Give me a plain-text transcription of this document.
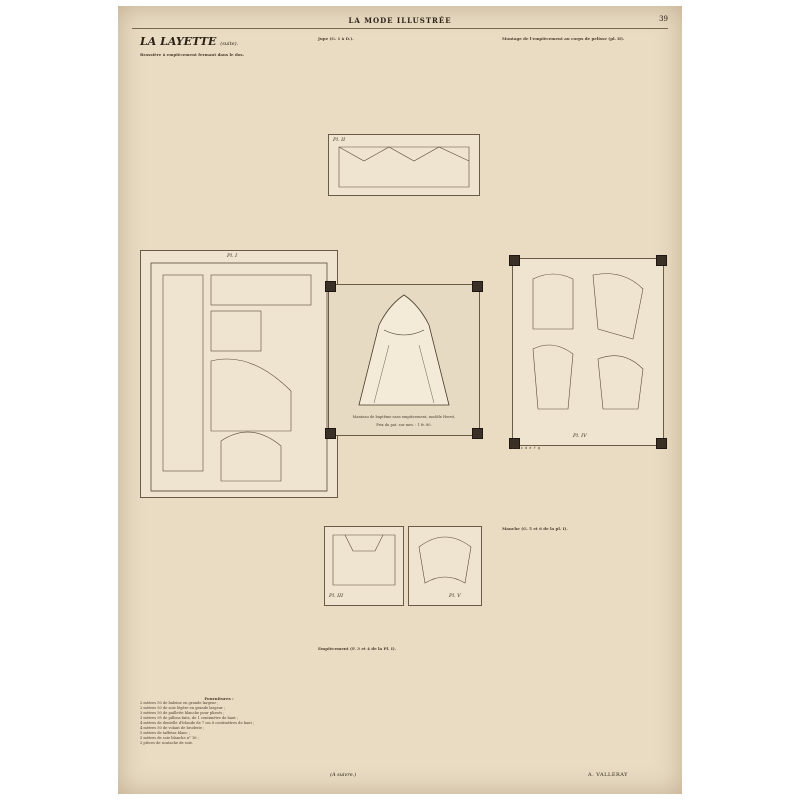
LA MODE ILLUSTRÉE	39
LA LAYETTE (suite).
Brassière à empiècement fermant dans le dos.
Pl. I
Jupe (G. 1 à D.).
Pl. II
Manteau de baptême sans empiècement, modèle Hervé,
Prix du pat. sur mes. : 1 fr. 80.
Pl. III	Pl. V
Montage de l'empiècement au corps de pelisse (pl. II).
Pl. IV
a b c d e f g
Fournitures :
2 mètres 50 de baleine en grande largeur ;
2 mètres 50 de soie légère en grande largeur ;
3 mètres 50 de paillette blanche pour plissés ;
3 mètres 95 de pillons faits, de 1 centimètre de haut ;
4 mètres de dentelle d'Irlande de 7 cm 8 centimètres de haut ;
4 mètres 50 de volant de broderie ;
5 mètres de taffetas blanc ;
5 mètres de soie blanche n° 16 ;
2 pièces de soutache de soie.
Empiècement (F. 3 et 4 de la Pl. I).
Manche (G. 5 et 6 de la pl. I).
(A suivre.)	A. VALLERAY
